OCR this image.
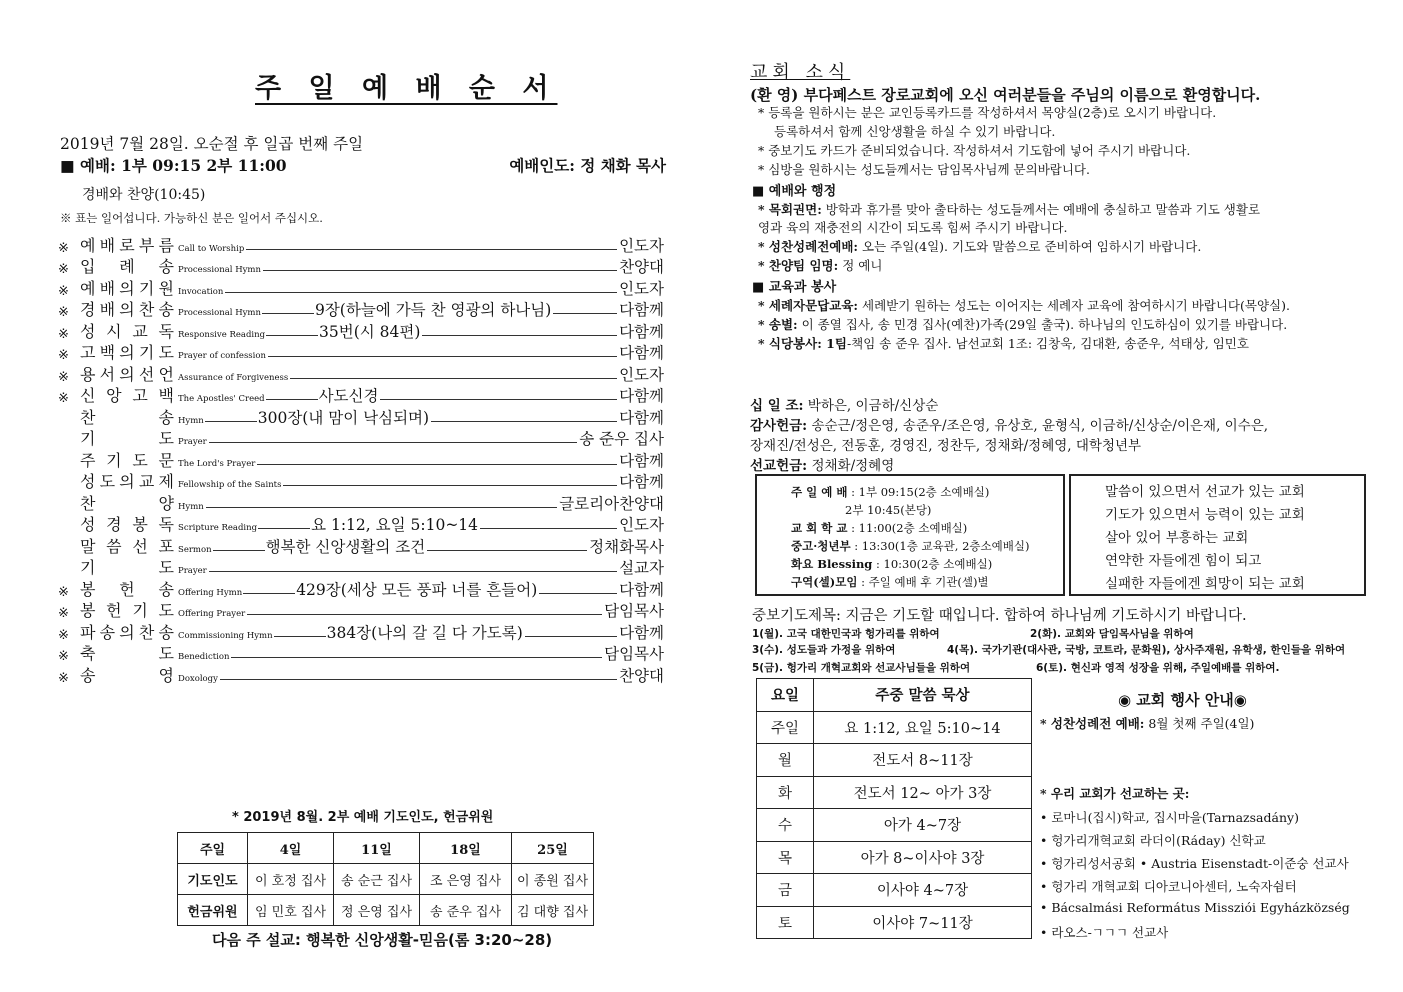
주 일 예 배 순 서
2019년 7월 28일. 오순절 후 일곱 번째 주일
■ 예배: 1부 09:15 2부 11:00	예배인도: 정 채화 목사
경배와 찬양(10:45)
※ 표는 일어섭니다. 가능하신 분은 일어서 주십시오.
※ 예 배 로 부 름 Call to Worship	인도자
※ 입 례 송 Processional Hymn	찬양대
※ 예 배 의 기 원 Invocation	인도자
※ 경 배 의 찬 송 Processional Hymn	9장(하늘에 가득 찬 영광의 하나님)	다함께
※ 성 시 교 독 Responsive Reading	35번(시 84편)	다함께
※ 고 백 의 기 도 Prayer of confession	다함께
※ 용 서 의 선 언 Assurance of Forgiveness	인도자
※ 신 앙 고 백 The Apostles' Creed	사도신경	다함께
찬	송 Hymn	300장(내 맘이 낙심되며)	다함께
기	도 Prayer	송 준우 집사
주 기 도 문 The Lord's Prayer	다함께
성 도 의 교 제 Fellowship of the Saints	다함께
찬	양 Hymn	글로리아찬양대
성 경 봉 독 Scripture Reading	요 1:12, 요일 5:10~14	인도자
말 씀 선 포 Sermon	행복한 신앙생활의 조건	정채화목사
기	도 Prayer	설교자
※ 봉 헌 송 Offering Hymn	429장(세상 모든 풍파 너를 흔들어)	다함께
※ 봉 헌 기 도 Offering Prayer	담임목사
※ 파 송 의 찬 송 Commissioning Hymn	384장(나의 갈 길 다 가도록)	다함께
※ 축	도 Benediction	담임목사
※ 송	영 Doxology	찬양대
* 2019년 8월. 2부 예배 기도인도, 헌금위원
주일	4일	11일	18일	25일
기도인도	이 호정 집사	송 순근 집사	조 은영 집사	이 종원 집사
헌금위원	임 민호 집사	정 은영 집사	송 준우 집사	김 대향 집사
다음 주 설교: 행복한 신앙생활-믿음(롬 3:20~28)
교회 소식
(환 영) 부다페스트 장로교회에 오신 여러분들을 주님의 이름으로 환영합니다.
* 등록을 원하시는 분은 교인등록카드를 작성하셔서 목양실(2층)로 오시기 바랍니다.
등록하셔서 함께 신앙생활을 하실 수 있기 바랍니다.
* 중보기도 카드가 준비되었습니다. 작성하셔서 기도함에 넣어 주시기 바랍니다.
* 심방을 원하시는 성도들께서는 담임목사님께 문의바랍니다.
■ 예배와 행정
* 목회권면: 방학과 휴가를 맞아 출타하는 성도들께서는 예배에 충실하고 말씀과 기도 생활로
영과 육의 재충전의 시간이 되도록 힘써 주시기 바랍니다.
* 성찬성례전예배: 오는 주일(4일). 기도와 말씀으로 준비하여 임하시기 바랍니다.
* 찬양팀 임명: 정 예니
■ 교육과 봉사
* 세례자문답교육: 세례받기 원하는 성도는 이어지는 세례자 교육에 참여하시기 바랍니다(목양실).
* 송별: 이 종열 집사, 송 민경 집사(예찬)가족(29일 출국). 하나님의 인도하심이 있기를 바랍니다.
* 식당봉사: 1팀-책임 송 준우 집사. 남선교회 1조: 김창욱, 김대환, 송준우, 석태상, 임민호
십 일 조: 박하은, 이금하/신상순
감사헌금: 송순근/정은영, 송준우/조은영, 유상호, 윤형식, 이금하/신상순/이은재, 이수은,
장재진/전성은, 전동훈, 경영진, 정찬두, 정채화/정혜영, 대학청년부
선교헌금: 정채화/정혜영
주 일 예 배 : 1부 09:15(2층 소예배실)
2부 10:45(본당)
교 회 학 교 : 11:00(2층 소예배실)
중고·청년부 : 13:30(1층 교육관, 2층소예배실)
화요 Blessing : 10:30(2층 소예배실)
구역(셀)모임 : 주일 예배 후 기관(셀)별
말씀이 있으면서 선교가 있는 교회
기도가 있으면서 능력이 있는 교회
살아 있어 부흥하는 교회
연약한 자들에겐 힘이 되고
실패한 자들에겐 희망이 되는 교회
중보기도제목: 지금은 기도할 때입니다. 합하여 하나님께 기도하시기 바랍니다.
1(월). 고국 대한민국과 헝가리를 위하여	2(화). 교회와 담임목사님을 위하여
3(수). 성도들과 가정을 위하여	4(목). 국가기관(대사관, 국방, 코트라, 문화원), 상사주재원, 유학생, 한인들을 위하여
5(금). 헝가리 개혁교회와 선교사님들을 위하여	6(토). 현신과 영적 성장을 위해, 주일예배를 위하여.
요일	주중 말씀 묵상
주일	요 1:12, 요일 5:10~14
월	전도서 8~11장
화	전도서 12~ 아가 3장
수	아가 4~7장
목	아가 8~이사야 3장
금	이사야 4~7장
토	이사야 7~11장
◉ 교회 행사 안내◉
* 성찬성례전 예배: 8월 첫째 주일(4일)
* 우리 교회가 선교하는 곳:
• 로마니(집시)학교, 집시마을(Tarnazsadány)
• 헝가리개혁교회 라더이(Ráday) 신학교
• 헝가리성서공회 • Austria Eisenstadt-이준숭 선교사
• 헝가리 개혁교회 디아코니아센터, 노숙자쉼터
• Bácsalmási Református Missziói Egyházközség
• 라오스-ㄱㄱㄱ 선교사
